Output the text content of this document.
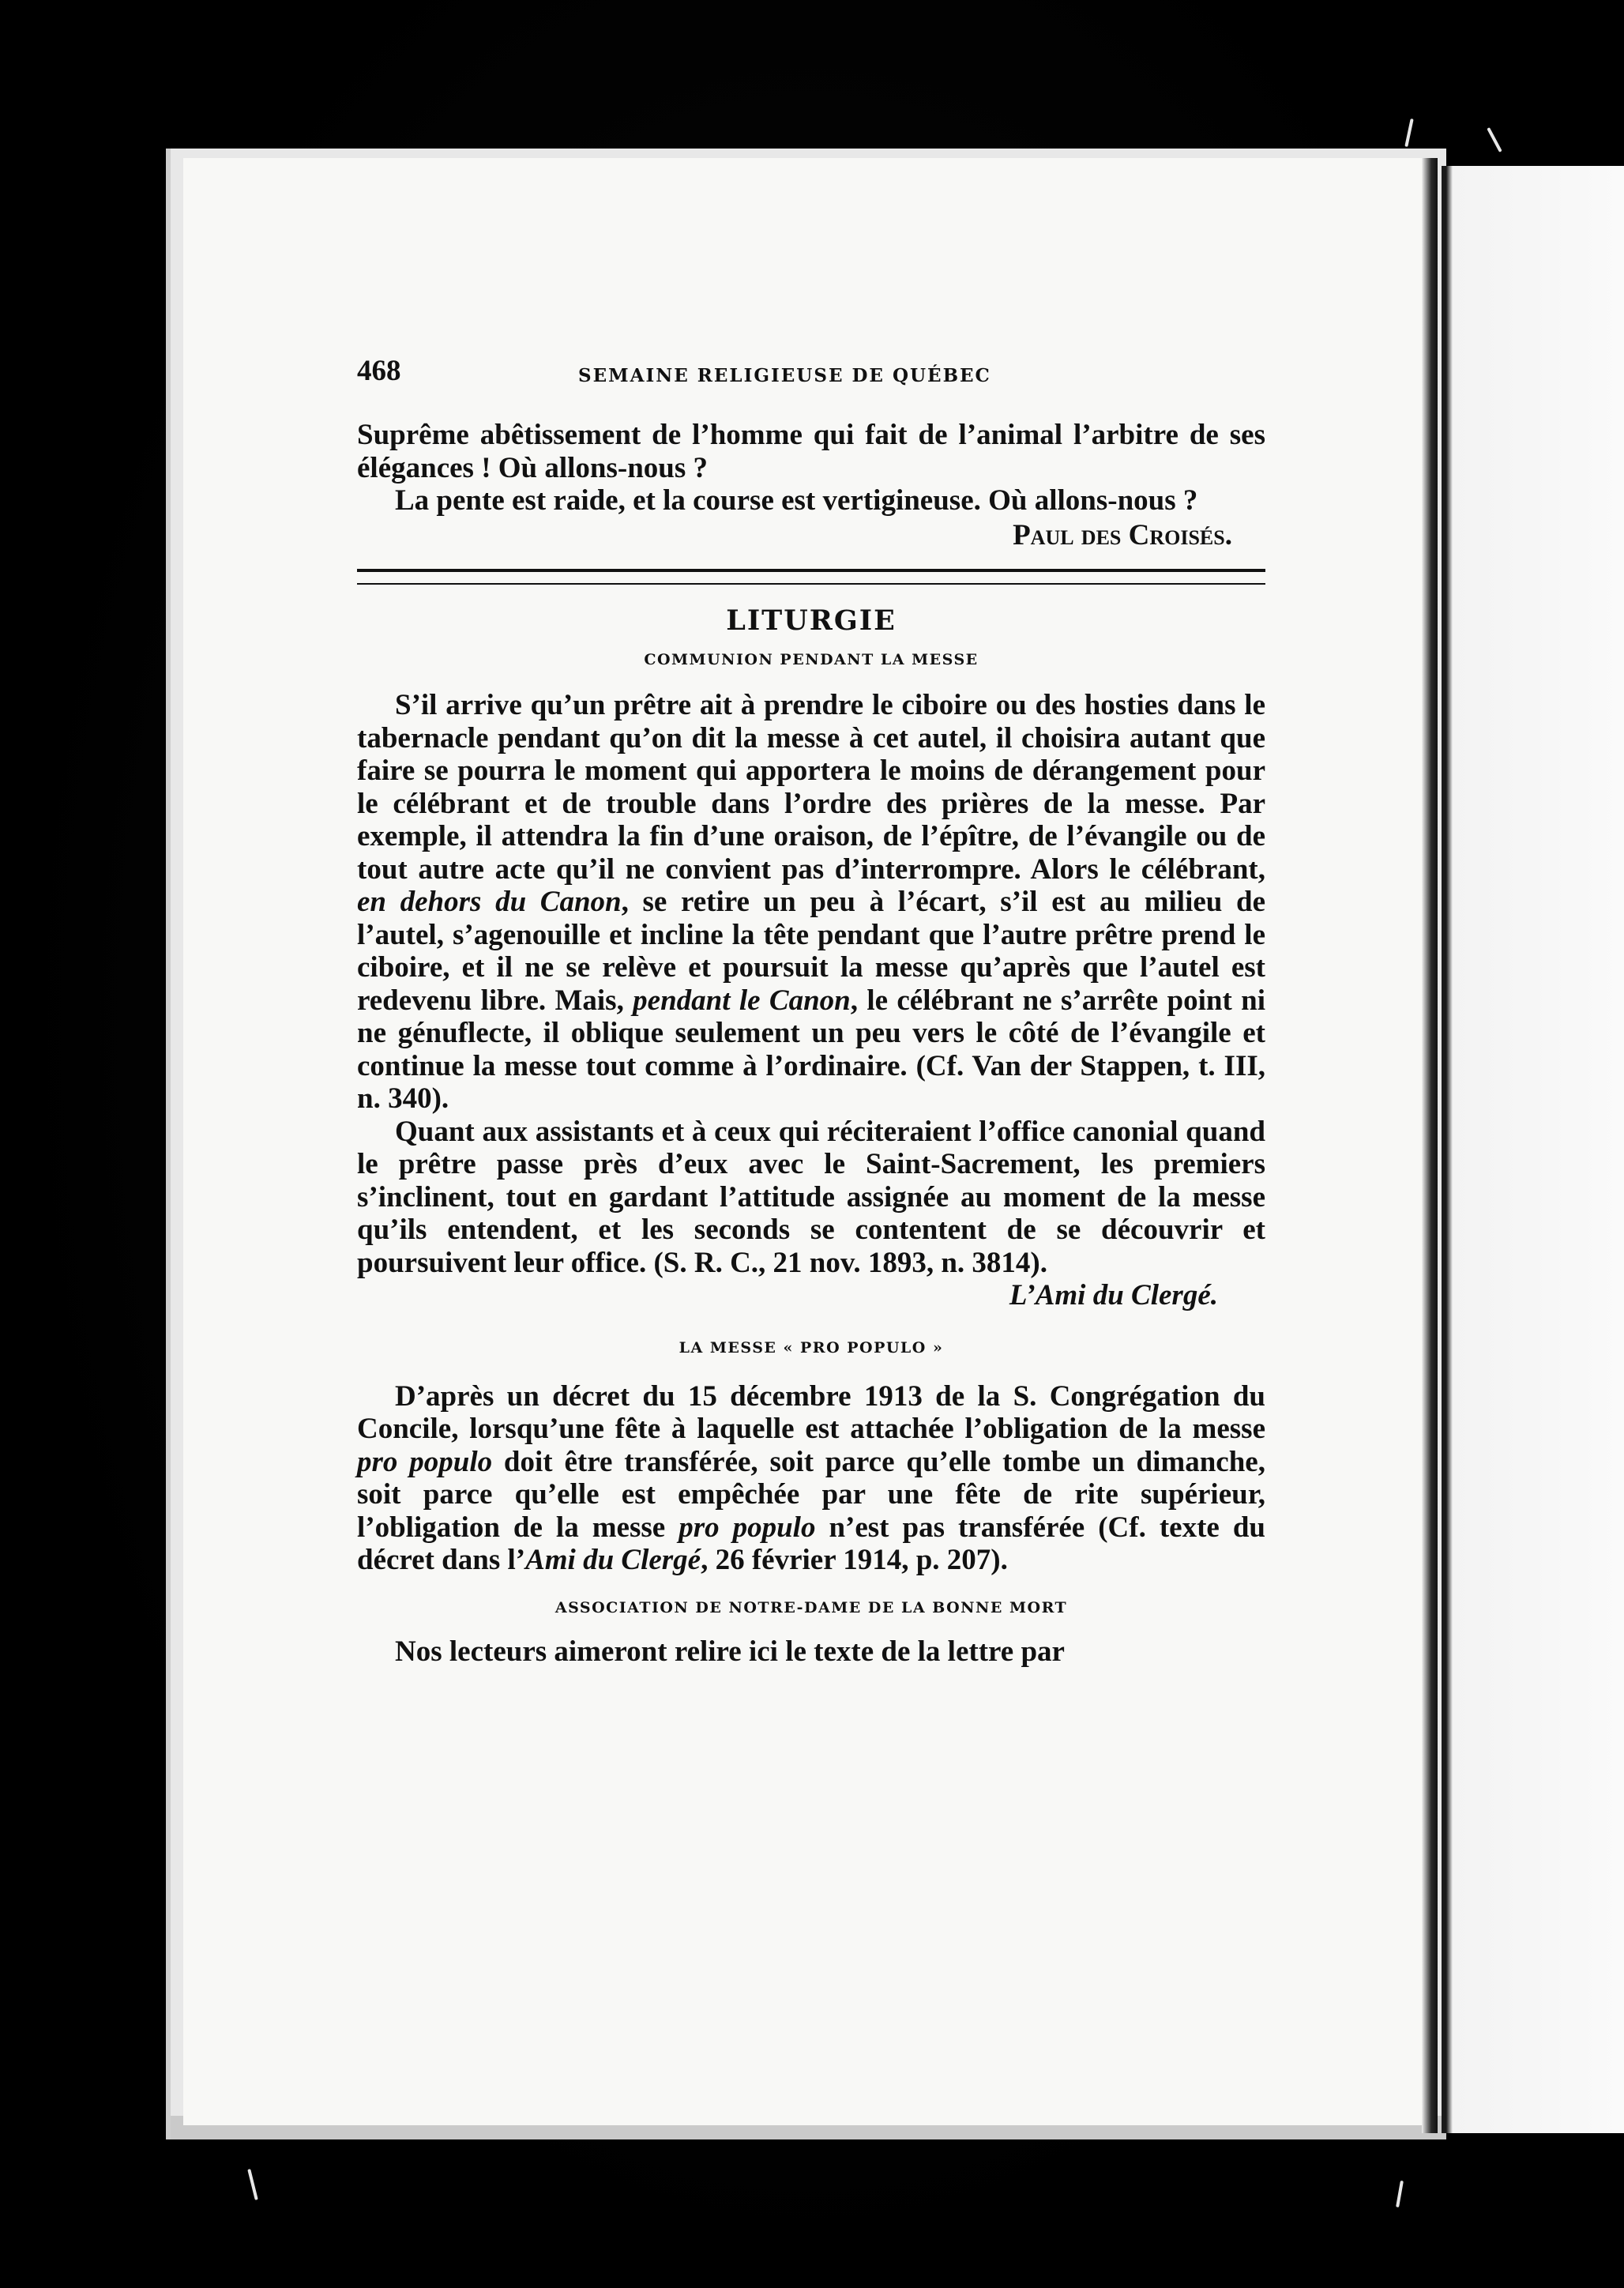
468	SEMAINE RELIGIEUSE DE QUÉBEC

Suprême abêtissement de l’homme qui fait de l’animal l’arbitre de ses élégances ! Où allons-nous ?

La pente est raide, et la course est vertigineuse. Où allons-nous ?

Paul des Croisés.
LITURGIE
COMMUNION PENDANT LA MESSE

S’il arrive qu’un prêtre ait à prendre le ciboire ou des hosties dans le tabernacle pendant qu’on dit la messe à cet autel, il choisira autant que faire se pourra le moment qui apportera le moins de dérangement pour le célébrant et de trouble dans l’ordre des prières de la messe. Par exemple, il attendra la fin d’une oraison, de l’épître, de l’évangile ou de tout autre acte qu’il ne convient pas d’interrompre. Alors le célébrant, en dehors du Canon, se retire un peu à l’écart, s’il est au milieu de l’autel, s’agenouille et incline la tête pendant que l’autre prêtre prend le ciboire, et il ne se relève et poursuit la messe qu’après que l’autel est redevenu libre. Mais, pendant le Canon, le célébrant ne s’arrête point ni ne génuflecte, il oblique seulement un peu vers le côté de l’évangile et continue la messe tout comme à l’ordinaire. (Cf. Van der Stappen, t. III, n. 340).

Quant aux assistants et à ceux qui réciteraient l’office canonial quand le prêtre passe près d’eux avec le Saint-Sacrement, les premiers s’inclinent, tout en gardant l’attitude assignée au moment de la messe qu’ils entendent, et les seconds se contentent de se découvrir et poursuivent leur office. (S. R. C., 21 nov. 1893, n. 3814).

L’Ami du Clergé.
LA MESSE « PRO POPULO »

D’après un décret du 15 décembre 1913 de la S. Congrégation du Concile, lorsqu’une fête à laquelle est attachée l’obligation de la messe pro populo doit être transférée, soit parce qu’elle tombe un dimanche, soit parce qu’elle est empêchée par une fête de rite supérieur, l’obligation de la messe pro populo n’est pas transférée (Cf. texte du décret dans l’Ami du Clergé, 26 février 1914, p. 207).

ASSOCIATION DE NOTRE-DAME DE LA BONNE MORT

Nos lecteurs aimeront relire ici le texte de la lettre par
